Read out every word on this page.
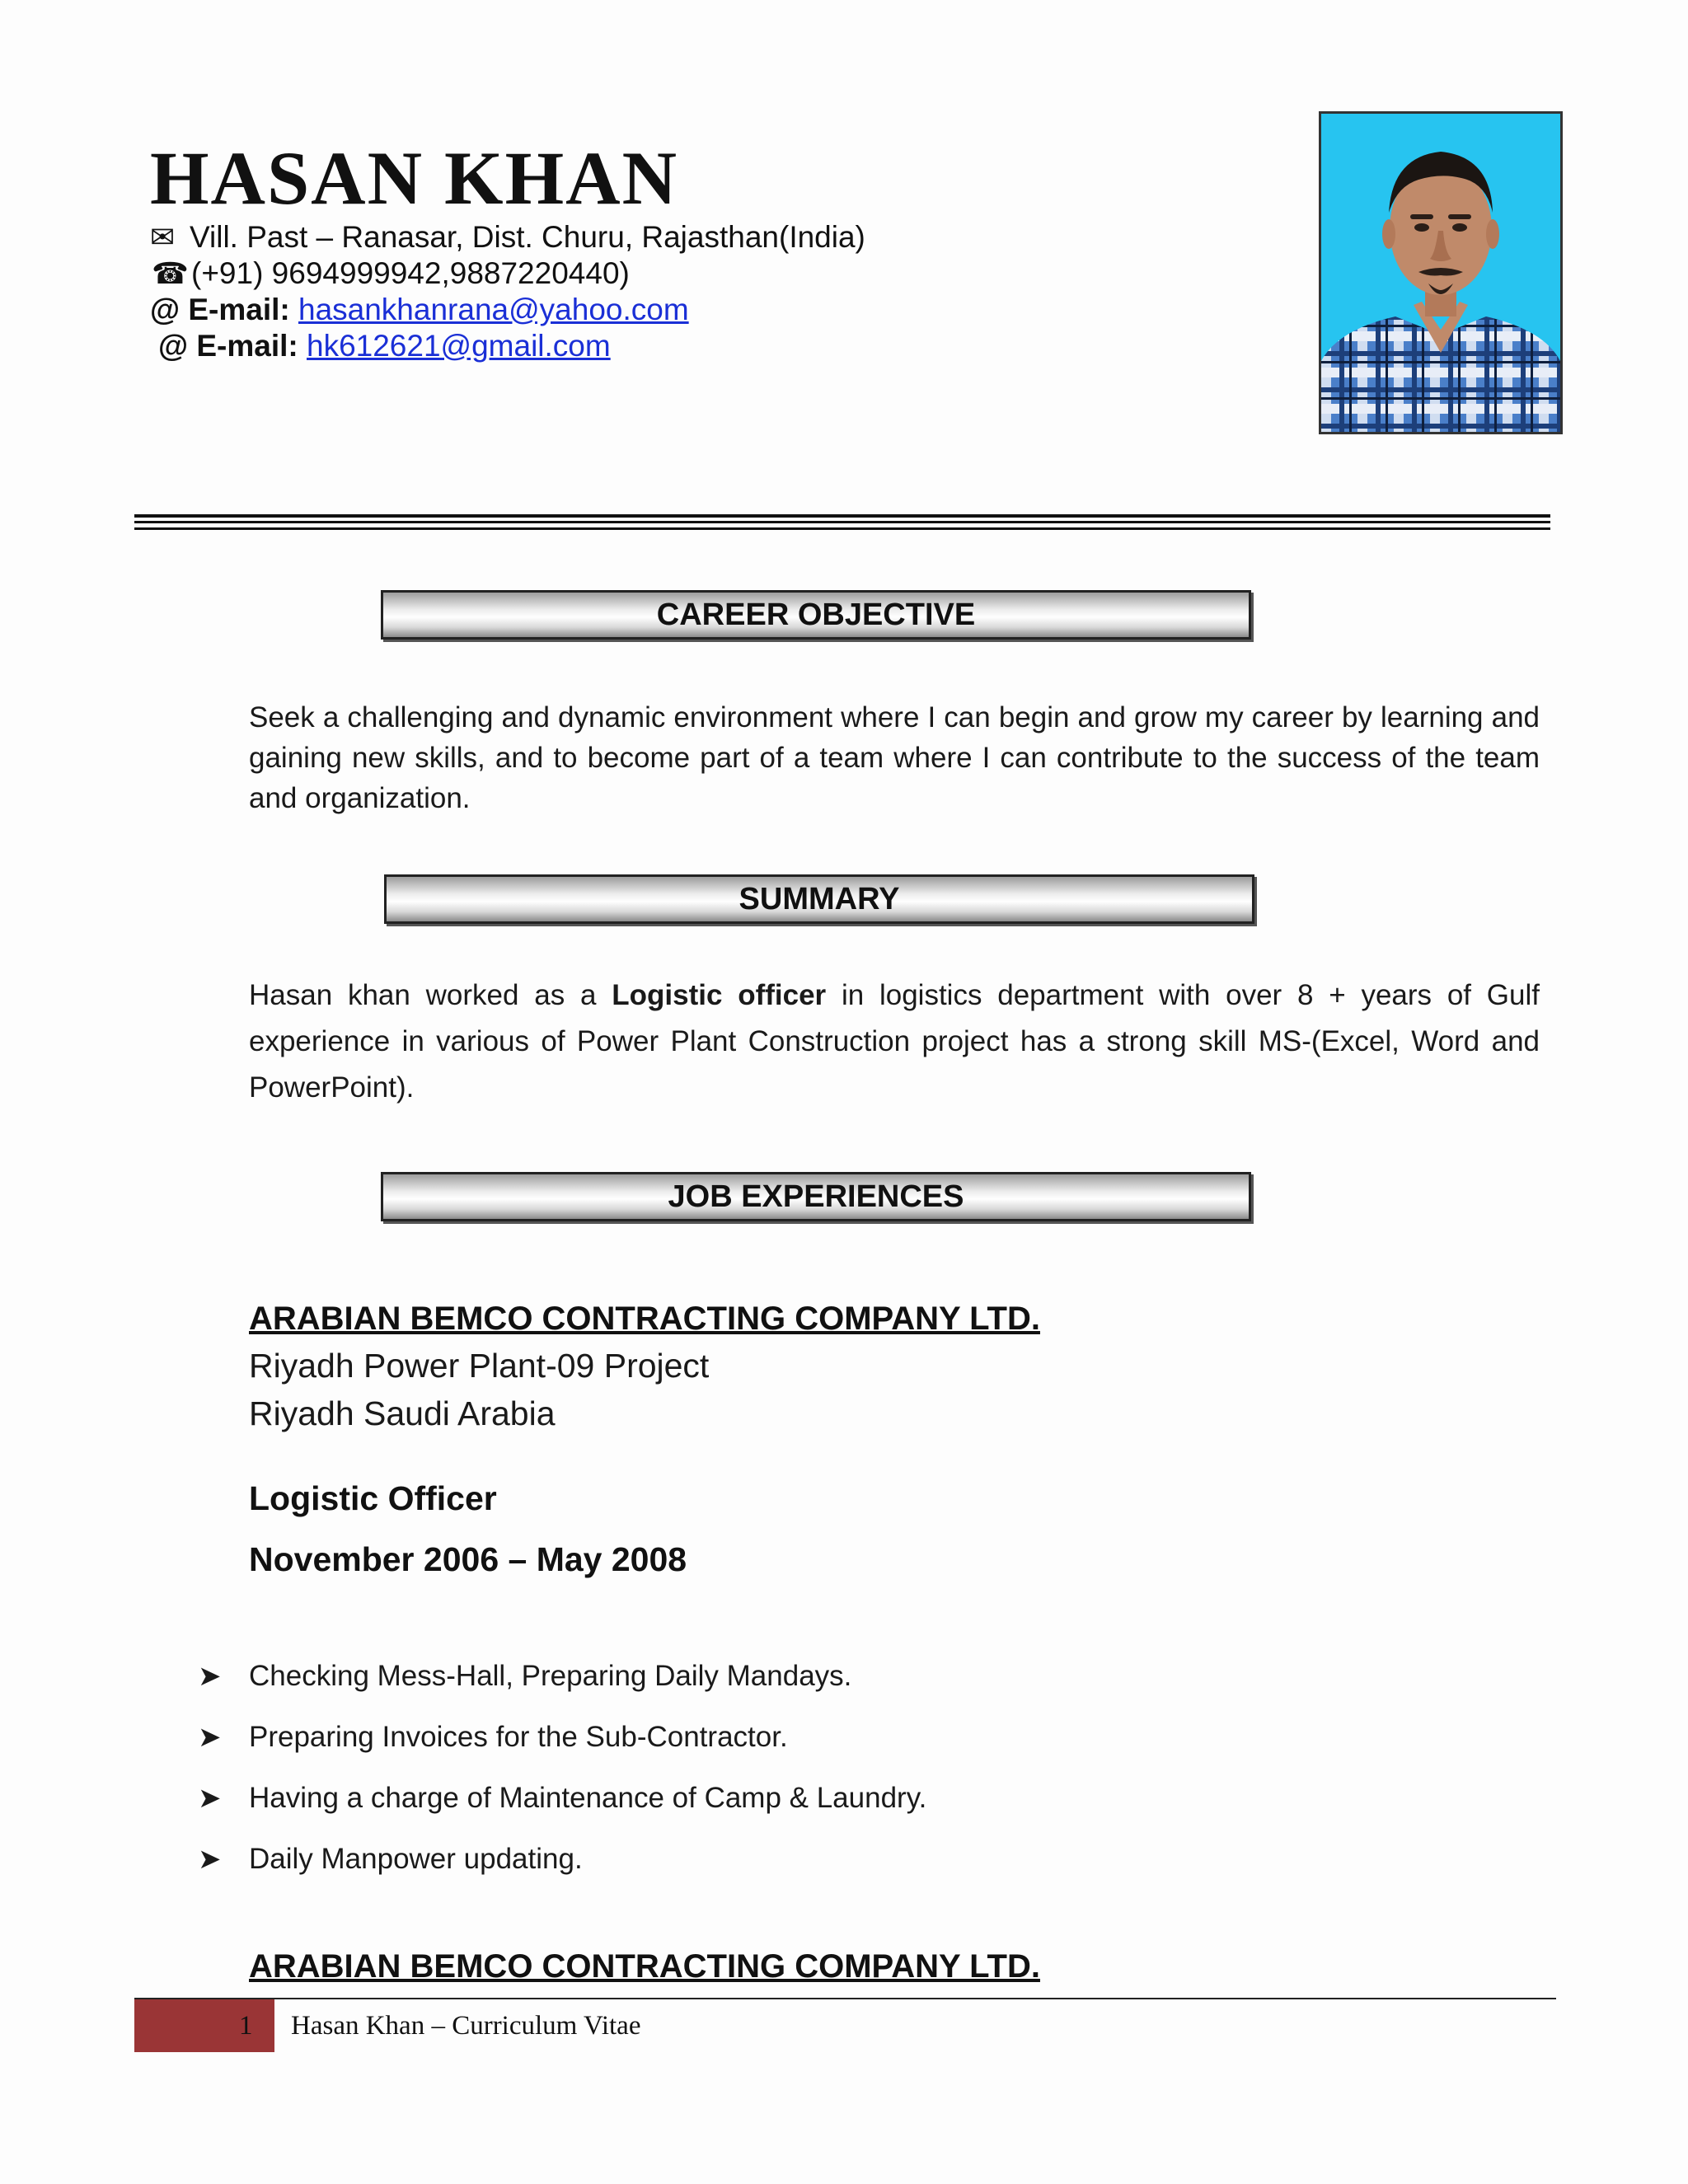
HASAN KHAN
✉ Vill. Past – Ranasar, Dist. Churu, Rajasthan(India)
☎(+91) 9694999942,9887220440)
@ E-mail: hasankhanrana@yahoo.com
@ E-mail: hk612621@gmail.com
CAREER OBJECTIVE

Seek a challenging and dynamic environment where I can begin and grow my career by learning and gaining new skills, and to become part of a team where I can contribute to the success of the team and organization.

SUMMARY

Hasan khan worked as a Logistic officer in logistics department with over 8 + years of Gulf experience in various of Power Plant Construction project has a strong skill MS-(Excel, Word and PowerPoint).

JOB EXPERIENCES
ARABIAN BEMCO CONTRACTING COMPANY LTD.
Riyadh Power Plant-09 Project
Riyadh Saudi Arabia
Logistic Officer
November 2006 – May 2008
➤ Checking Mess-Hall, Preparing Daily Mandays.
➤ Preparing Invoices for the Sub-Contractor.
➤ Having a charge of Maintenance of Camp & Laundry.
➤ Daily Manpower updating.
ARABIAN BEMCO CONTRACTING COMPANY LTD.
1 Hasan Khan – Curriculum Vitae
